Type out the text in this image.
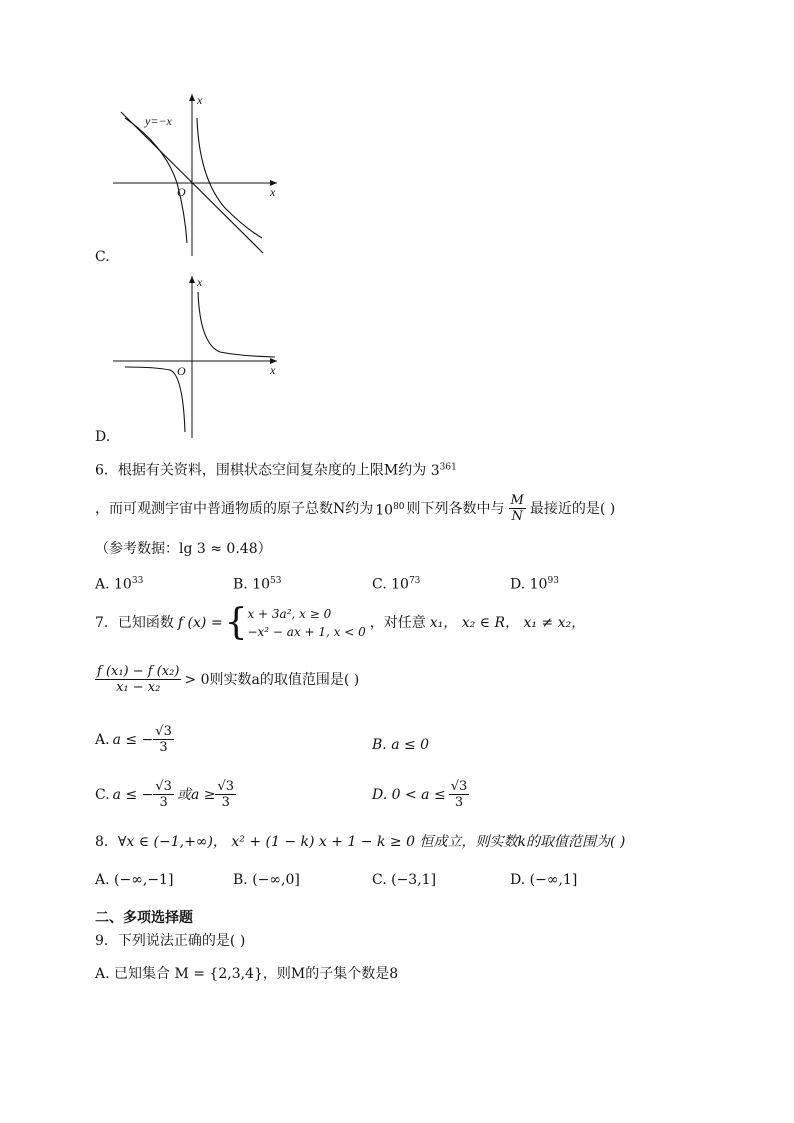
y=−x
x
x
O
C.
x
x
O
D.
6．根据有关资料，围棋状态空间复杂度的上限M约为 $3^{361}$
，而可观测宇宙中普通物质的原子总数N约为 $10^{80}$ 则下列各数中与 $\frac{M}{N}$ 最接近的是( )
（参考数据：lg 3 ≈ 0.48）
A. $10^{33}$	B. $10^{53}$	C. $10^{73}$	D. $10^{93}$
7． 已知函数 f (x) = { x + 3a², x ≥ 0
−x² − ax + 1, x < 0
，对任意 x₁， x₂ ∈ R， x₁ ≠ x₂，
$\frac{\text{f (x₁) − f (x₂)}}{\text{x₁ − x₂}} > 0$则实数a的取值范围是( )
A. a ≤ − $\frac{√3}{3}$	B. a ≤ 0
C. a ≤ − $\frac{√3}{3}$ 或$a \ge \frac{√3}{3}$	D. $0 < a \le \frac{√3}{3}$
8．∀x ∈ (−1,+∞)， x² + (1 − k) x + 1 − k ≥ 0 恒成立，则实数k的取值范围为( )
A. (−∞,−1]	B. (−∞,0]	C. (−3,1]	D. (−∞,1]
二、多项选择题
9．下列说法正确的是( )
A. 已知集合 M = {2,3,4}，则M的子集个数是8
